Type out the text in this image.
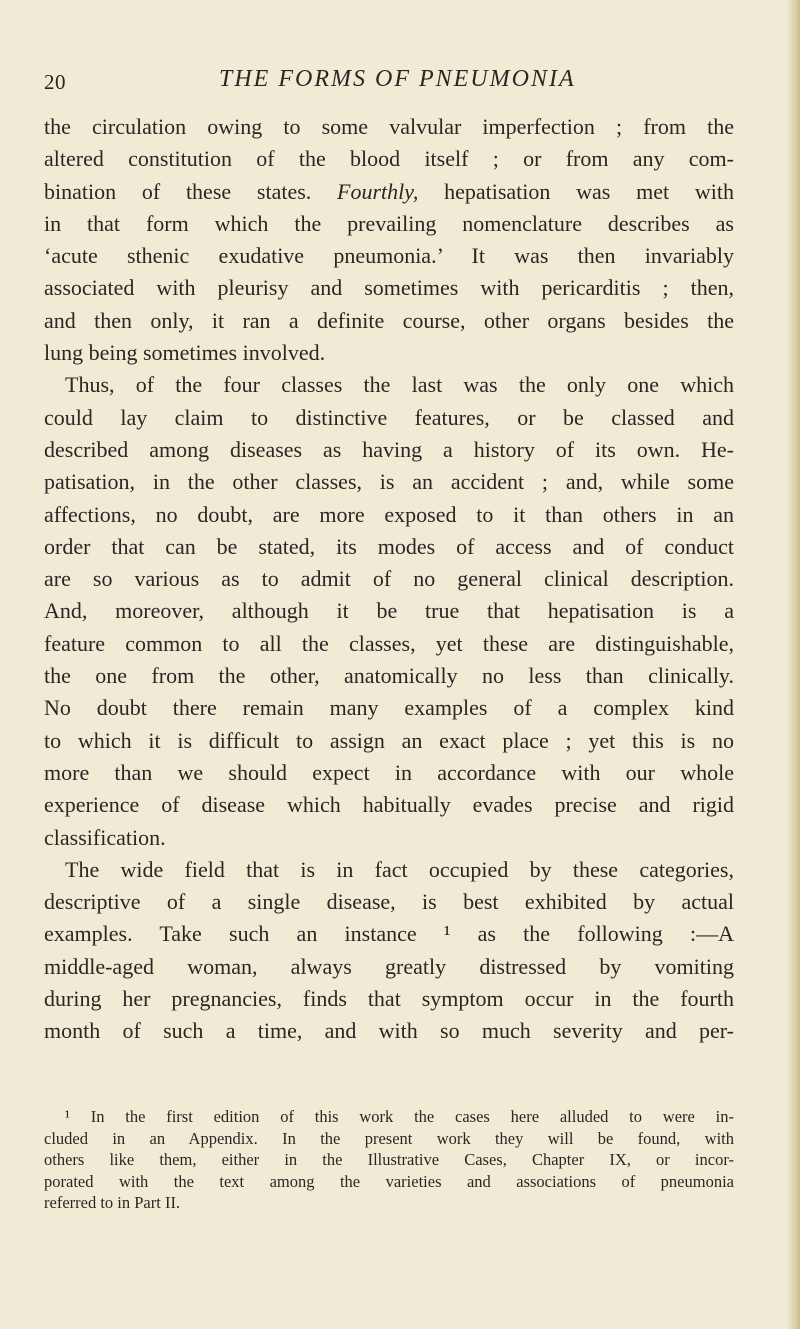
20	THE FORMS OF PNEUMONIA
the circulation owing to some valvular imperfection ; from the
altered constitution of the blood itself ; or from any com-
bination of these states. Fourthly, hepatisation was met with
in that form which the prevailing nomenclature describes as
‘acute sthenic exudative pneumonia.’ It was then invariably
associated with pleurisy and sometimes with pericarditis ; then,
and then only, it ran a definite course, other organs besides the
lung being sometimes involved.
Thus, of the four classes the last was the only one which
could lay claim to distinctive features, or be classed and
described among diseases as having a history of its own. He-
patisation, in the other classes, is an accident ; and, while some
affections, no doubt, are more exposed to it than others in an
order that can be stated, its modes of access and of conduct
are so various as to admit of no general clinical description.
And, moreover, although it be true that hepatisation is a
feature common to all the classes, yet these are distinguishable,
the one from the other, anatomically no less than clinically.
No doubt there remain many examples of a complex kind
to which it is difficult to assign an exact place ; yet this is no
more than we should expect in accordance with our whole
experience of disease which habitually evades precise and rigid
classification.
The wide field that is in fact occupied by these categories,
descriptive of a single disease, is best exhibited by actual
examples. Take such an instance ¹ as the following :—A
middle-aged woman, always greatly distressed by vomiting
during her pregnancies, finds that symptom occur in the fourth
month of such a time, and with so much severity and per-
¹ In the first edition of this work the cases here alluded to were in-
cluded in an Appendix. In the present work they will be found, with
others like them, either in the Illustrative Cases, Chapter IX, or incor-
porated with the text among the varieties and associations of pneumonia
referred to in Part II.
